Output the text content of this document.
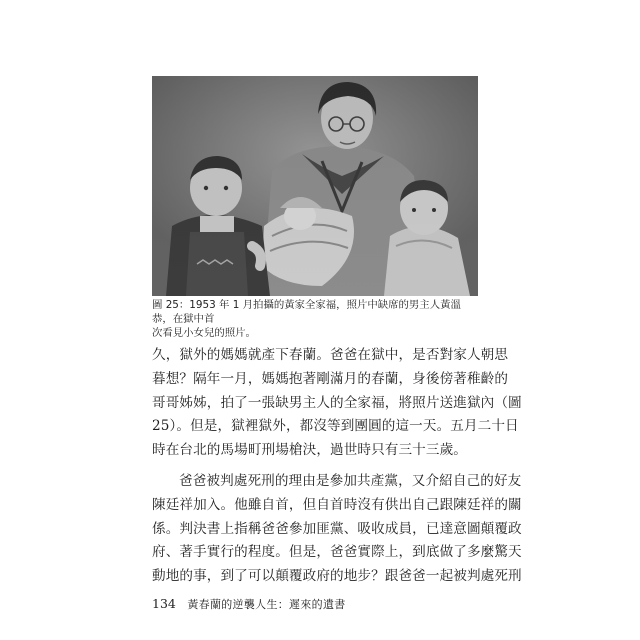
圖 25：1953 年 1 月拍攝的黃家全家福，照片中缺席的男主人黃溫恭，在獄中首
次看見小女兒的照片。

久，獄外的媽媽就產下春蘭。爸爸在獄中，是否對家人朝思
暮想？隔年一月，媽媽抱著剛滿月的春蘭，身後傍著稚齡的
哥哥姊姊，拍了一張缺男主人的全家福，將照片送進獄內（圖
25）。但是，獄裡獄外，都沒等到團圓的這一天。五月二十日
時在台北的馬場町刑場槍決，過世時只有三十三歲。

爸爸被判處死刑的理由是參加共產黨，又介紹自己的好友
陳廷祥加入。他雖自首，但自首時沒有供出自己跟陳廷祥的關
係。判決書上指稱爸爸參加匪黨、吸收成員，已達意圖顛覆政
府、著手實行的程度。但是，爸爸實際上，到底做了多麼驚天
動地的事，到了可以顛覆政府的地步？跟爸爸一起被判處死刑

134 黃春蘭的逆襲人生：遲來的遺書
